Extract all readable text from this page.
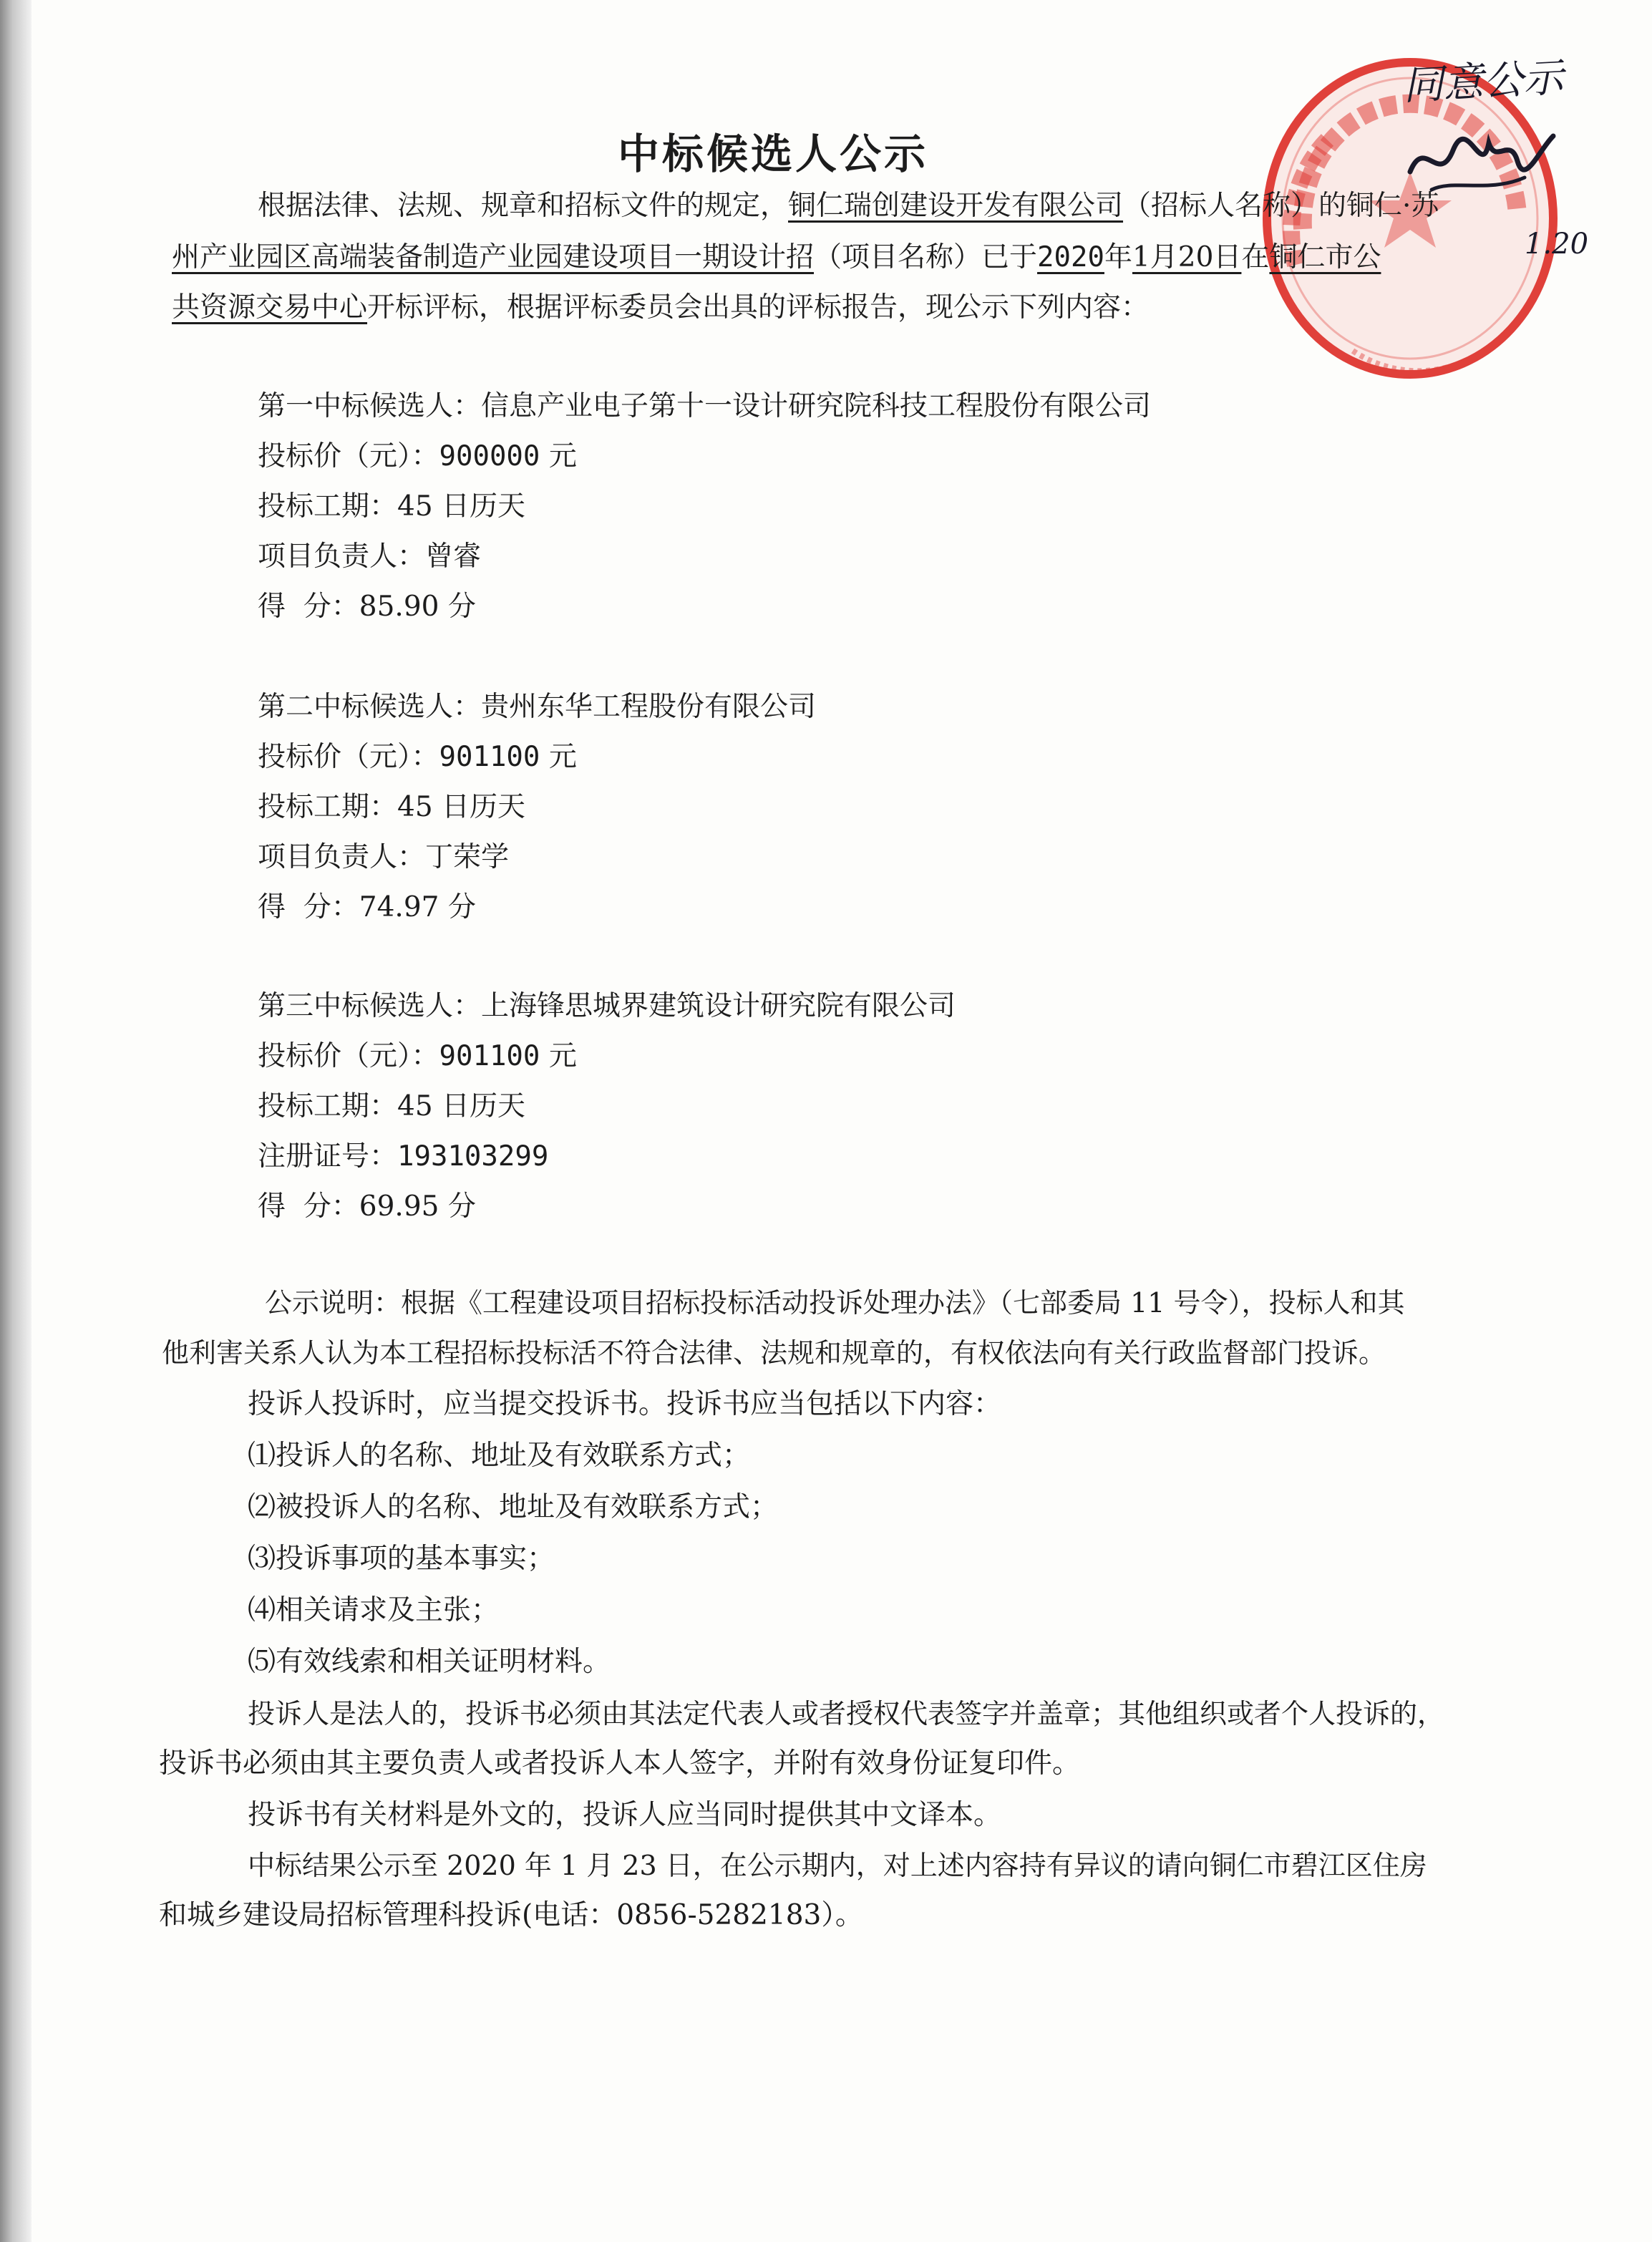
中标候选人公示
根据法律、法规、规章和招标文件的规定，铜仁瑞创建设开发有限公司（招标人名称）的铜仁·苏
州产业园区高端装备制造产业园建设项目一期设计招（项目名称）已于2020年1月20日在铜仁市公
共资源交易中心开标评标，根据评标委员会出具的评标报告，现公示下列内容：
第一中标候选人：信息产业电子第十一设计研究院科技工程股份有限公司
投标价（元）：900000 元
投标工期：45 日历天
项目负责人：曾睿
得  分：85.90 分
第二中标候选人：贵州东华工程股份有限公司
投标价（元）：901100 元
投标工期：45 日历天
项目负责人：丁荣学
得  分：74.97 分
第三中标候选人：上海锋思城界建筑设计研究院有限公司
投标价（元）：901100 元
投标工期：45 日历天
注册证号：193103299
得  分：69.95 分
公示说明：根据《工程建设项目招标投标活动投诉处理办法》（七部委局 11 号令），投标人和其
他利害关系人认为本工程招标投标活不符合法律、法规和规章的，有权依法向有关行政监督部门投诉。
投诉人投诉时，应当提交投诉书。投诉书应当包括以下内容：
⑴投诉人的名称、地址及有效联系方式；
⑵被投诉人的名称、地址及有效联系方式；
⑶投诉事项的基本事实；
⑷相关请求及主张；
⑸有效线索和相关证明材料。
投诉人是法人的，投诉书必须由其法定代表人或者授权代表签字并盖章；其他组织或者个人投诉的，
投诉书必须由其主要负责人或者投诉人本人签字，并附有效身份证复印件。
投诉书有关材料是外文的，投诉人应当同时提供其中文译本。
中标结果公示至 2020 年 1 月 23 日，在公示期内，对上述内容持有异议的请向铜仁市碧江区住房
和城乡建设局招标管理科投诉(电话：0856-5282183）。
同意公示
1.20
